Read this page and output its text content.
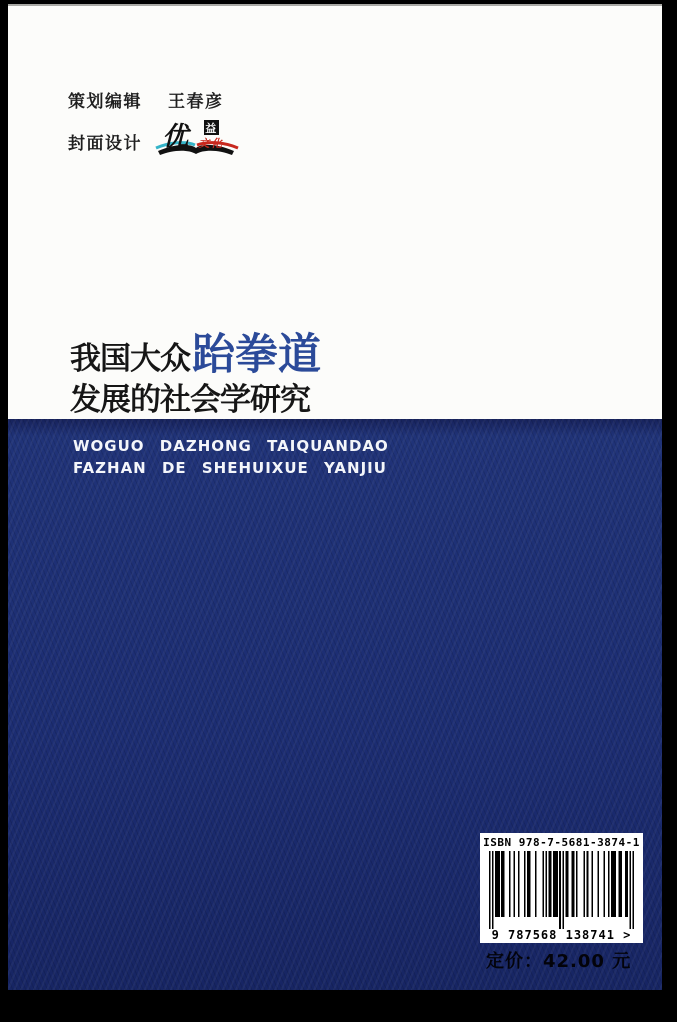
策划编辑 王春彦
封面设计 优 益
文化
我国大众 跆拳道
发展的社会学研究
WOGUO DAZHONG TAIQUANDAO
FAZHAN DE SHEHUIXUE YANJIU
ISBN 978-7-5681-3874-1
9 787568 138741 >
定价：42.00 元
